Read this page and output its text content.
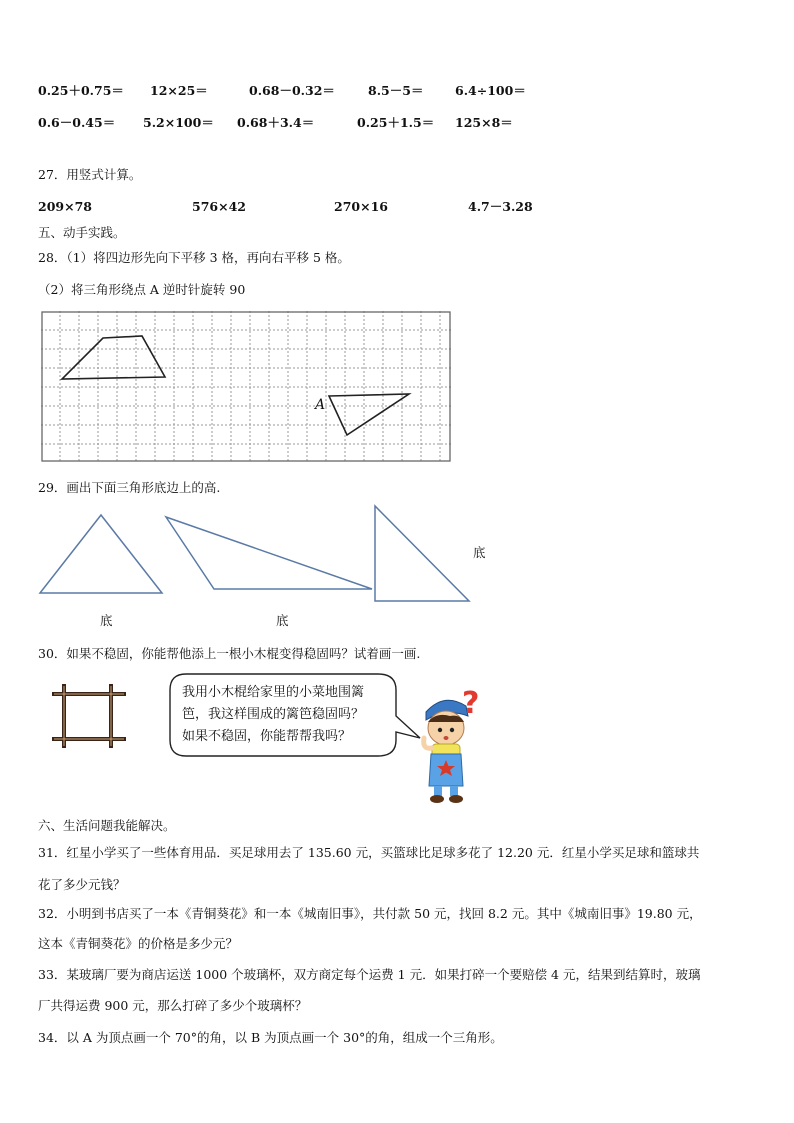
0.25＋0.75＝ 12×25＝	0.68－0.32＝	8.5－5＝	6.4÷100＝
0.6－0.45＝ 5.2×100＝ 0.68＋3.4＝	0.25＋1.5＝ 125×8＝
27．用竖式计算。
209×78	576×42	270×16	4.7－3.28
五、动手实践。
28．（1）将四边形先向下平移 3 格，再向右平移 5 格。
（2）将三角形绕点 A 逆时针旋转 90
A
29．画出下面三角形底边上的高.
底	底
底
30．如果不稳固，你能帮他添上一根小木棍变得稳固吗？试着画一画.
我用小木棍给家里的小菜地围篱
笆，我这样围成的篱笆稳固吗？
如果不稳固，你能帮帮我吗？
?
六、生活问题我能解决。
31．红星小学买了一些体育用品．买足球用去了 135.60 元，买篮球比足球多花了 12.20 元．红星小学买足球和篮球共
花了多少元钱？
32．小明到书店买了一本《青铜葵花》和一本《城南旧事》，共付款 50 元，找回 8.2 元。其中《城南旧事》19.80 元，
这本《青铜葵花》的价格是多少元？
33．某玻璃厂要为商店运送 1000 个玻璃杯，双方商定每个运费 1 元．如果打碎一个要赔偿 4 元，结果到结算时，玻璃
厂共得运费 900 元，那么打碎了多少个玻璃杯？
34．以 A 为顶点画一个 70°的角，以 B 为顶点画一个 30°的角，组成一个三角形。
